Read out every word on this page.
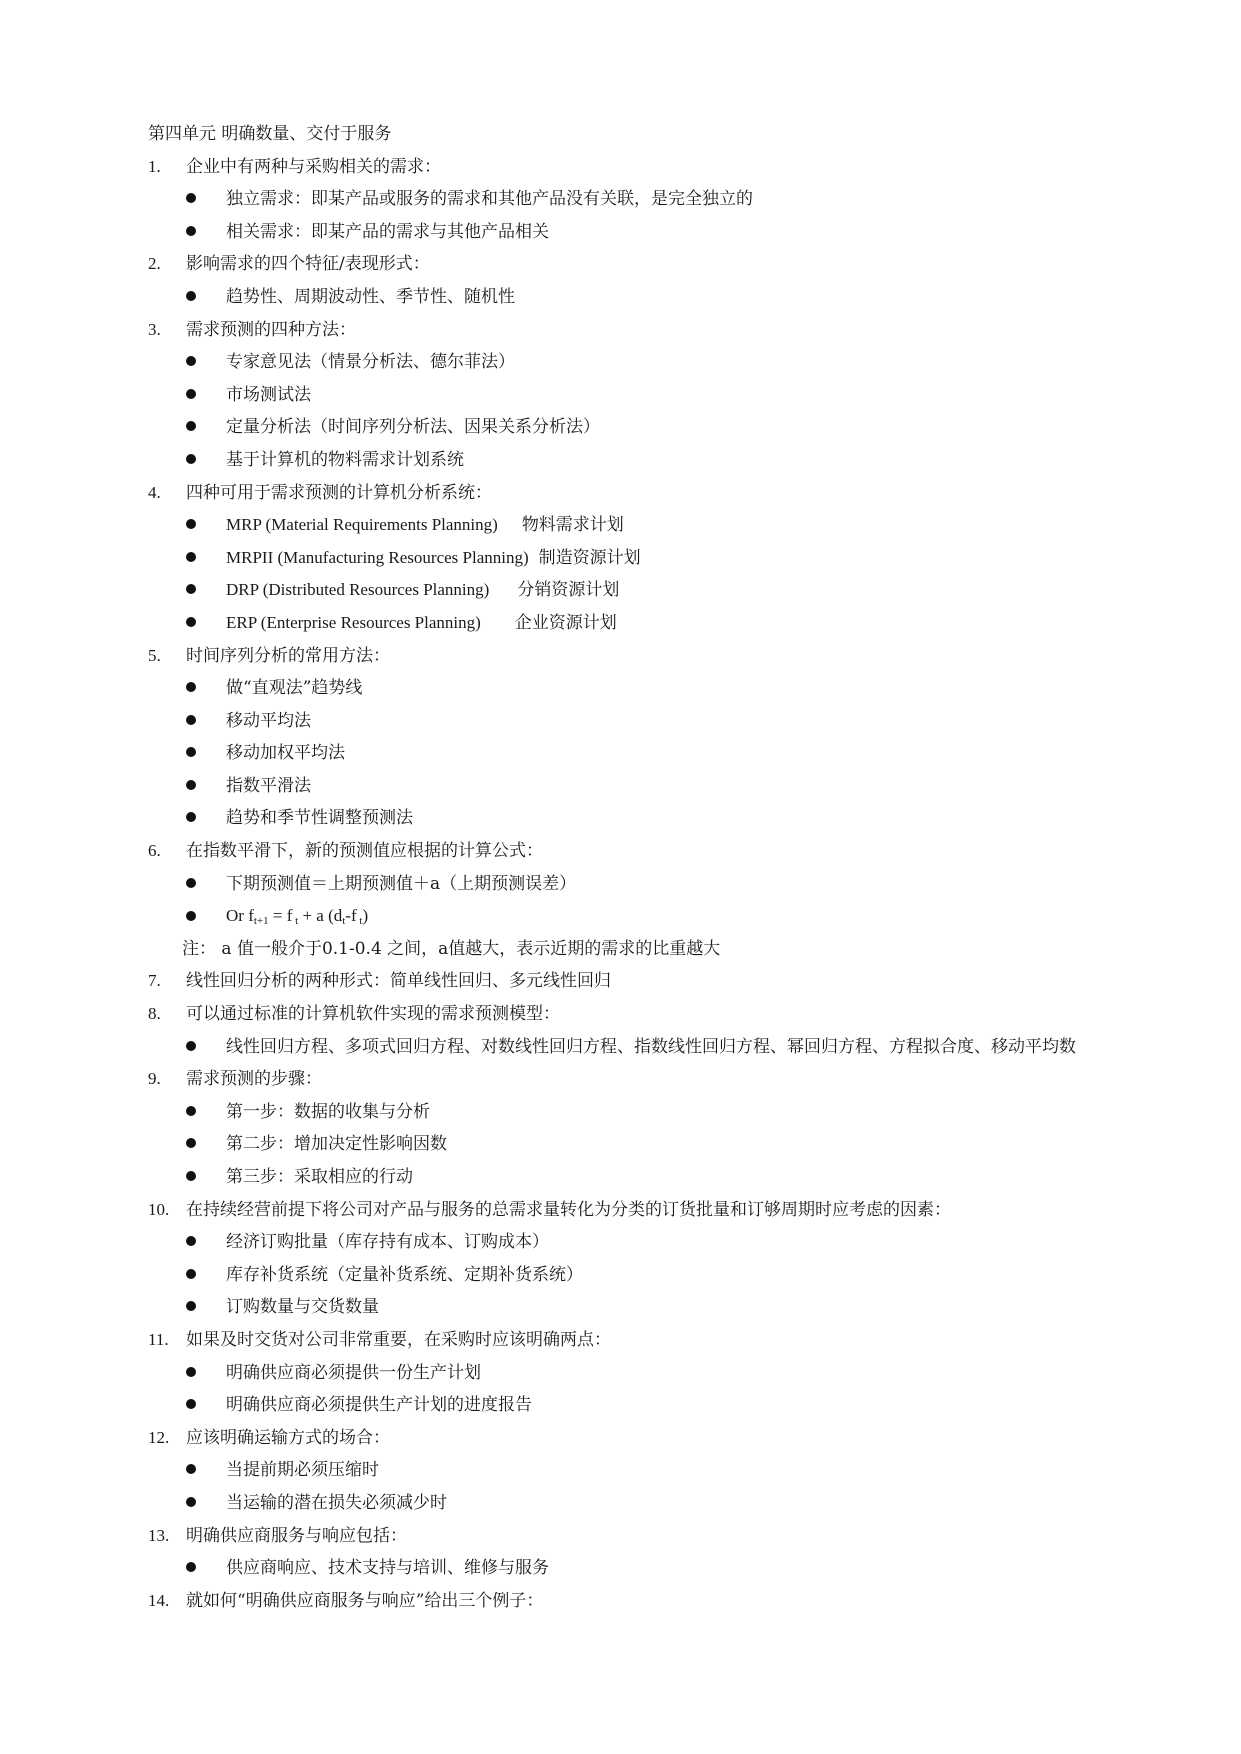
第四单元 明确数量、交付于服务
1. 企业中有两种与采购相关的需求：
独立需求：即某产品或服务的需求和其他产品没有关联，是完全独立的
相关需求：即某产品的需求与其他产品相关
2. 影响需求的四个特征/表现形式：
趋势性、周期波动性、季节性、随机性
3. 需求预测的四种方法：
专家意见法（情景分析法、德尔菲法）
市场测试法
定量分析法（时间序列分析法、因果关系分析法）
基于计算机的物料需求计划系统
4. 四种可用于需求预测的计算机分析系统：
MRP (Material Requirements Planning) 物料需求计划
MRPII (Manufacturing Resources Planning) 制造资源计划
DRP (Distributed Resources Planning) 分销资源计划
ERP (Enterprise Resources Planning) 企业资源计划
5. 时间序列分析的常用方法：
做“直观法”趋势线
移动平均法
移动加权平均法
指数平滑法
趋势和季节性调整预测法
6. 在指数平滑下，新的预测值应根据的计算公式：
下期预测值＝上期预测值＋a（上期预测误差）
Or $f_{t+1} = f$ $_t$ + a ($d_t-f$ $_t$)
注： a 值一般介于0.1-0.4 之间，a值越大，表示近期的需求的比重越大
7. 线性回归分析的两种形式：简单线性回归、多元线性回归
8. 可以通过标准的计算机软件实现的需求预测模型：
线性回归方程、多项式回归方程、对数线性回归方程、指数线性回归方程、幂回归方程、方程拟合度、移动平均数
9. 需求预测的步骤：
第一步：数据的收集与分析
第二步：增加决定性影响因数
第三步：采取相应的行动
10. 在持续经营前提下将公司对产品与服务的总需求量转化为分类的订货批量和订够周期时应考虑的因素：
经济订购批量（库存持有成本、订购成本）
库存补货系统（定量补货系统、定期补货系统）
订购数量与交货数量
11. 如果及时交货对公司非常重要，在采购时应该明确两点：
明确供应商必须提供一份生产计划
明确供应商必须提供生产计划的进度报告
12. 应该明确运输方式的场合：
当提前期必须压缩时
当运输的潜在损失必须减少时
13. 明确供应商服务与响应包括：
供应商响应、技术支持与培训、维修与服务
14. 就如何“明确供应商服务与响应”给出三个例子：
